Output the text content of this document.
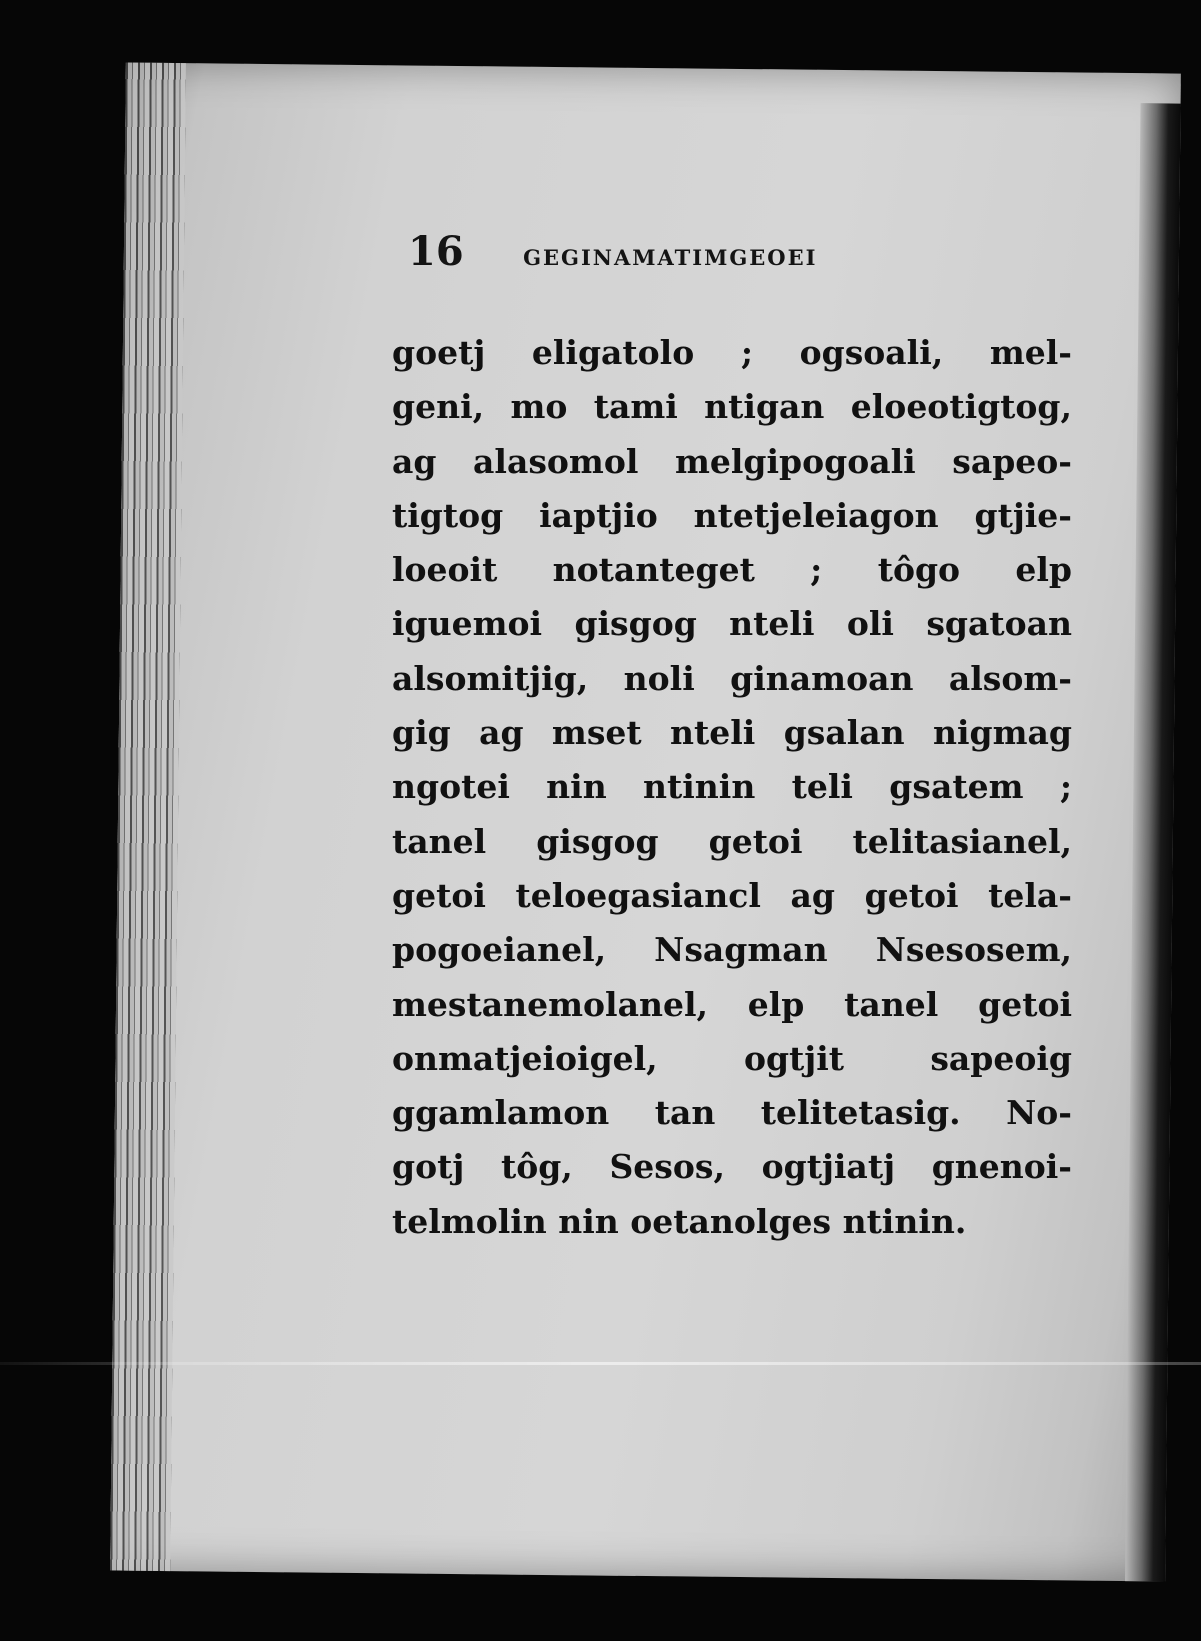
16	GEGINAMATIMGEOEI
goetj eligatolo ; ogsoali, mel-
geni, mo tami ntigan eloeotigtog,
ag alasomol melgipogoali sapeo-
tigtog iaptjio ntetjeleiagon gtjie-
loeoit notanteget ; tôgo elp
iguemoi gisgog nteli oli sgatoan
alsomitjig, noli ginamoan alsom-
gig ag mset nteli gsalan nigmag
ngotei nin ntinin teli gsatem ;
tanel gisgog getoi telitasianel,
getoi teloegasiancl ag getoi tela-
pogoeianel, Nsagman Nsesosem,
mestanemolanel, elp tanel getoi
onmatjeioigel, ogtjit sapeoig
ggamlamon tan telitetasig. No-
gotj tôg, Sesos, ogtjiatj gnenoi-
telmolin nin oetanolges ntinin.
